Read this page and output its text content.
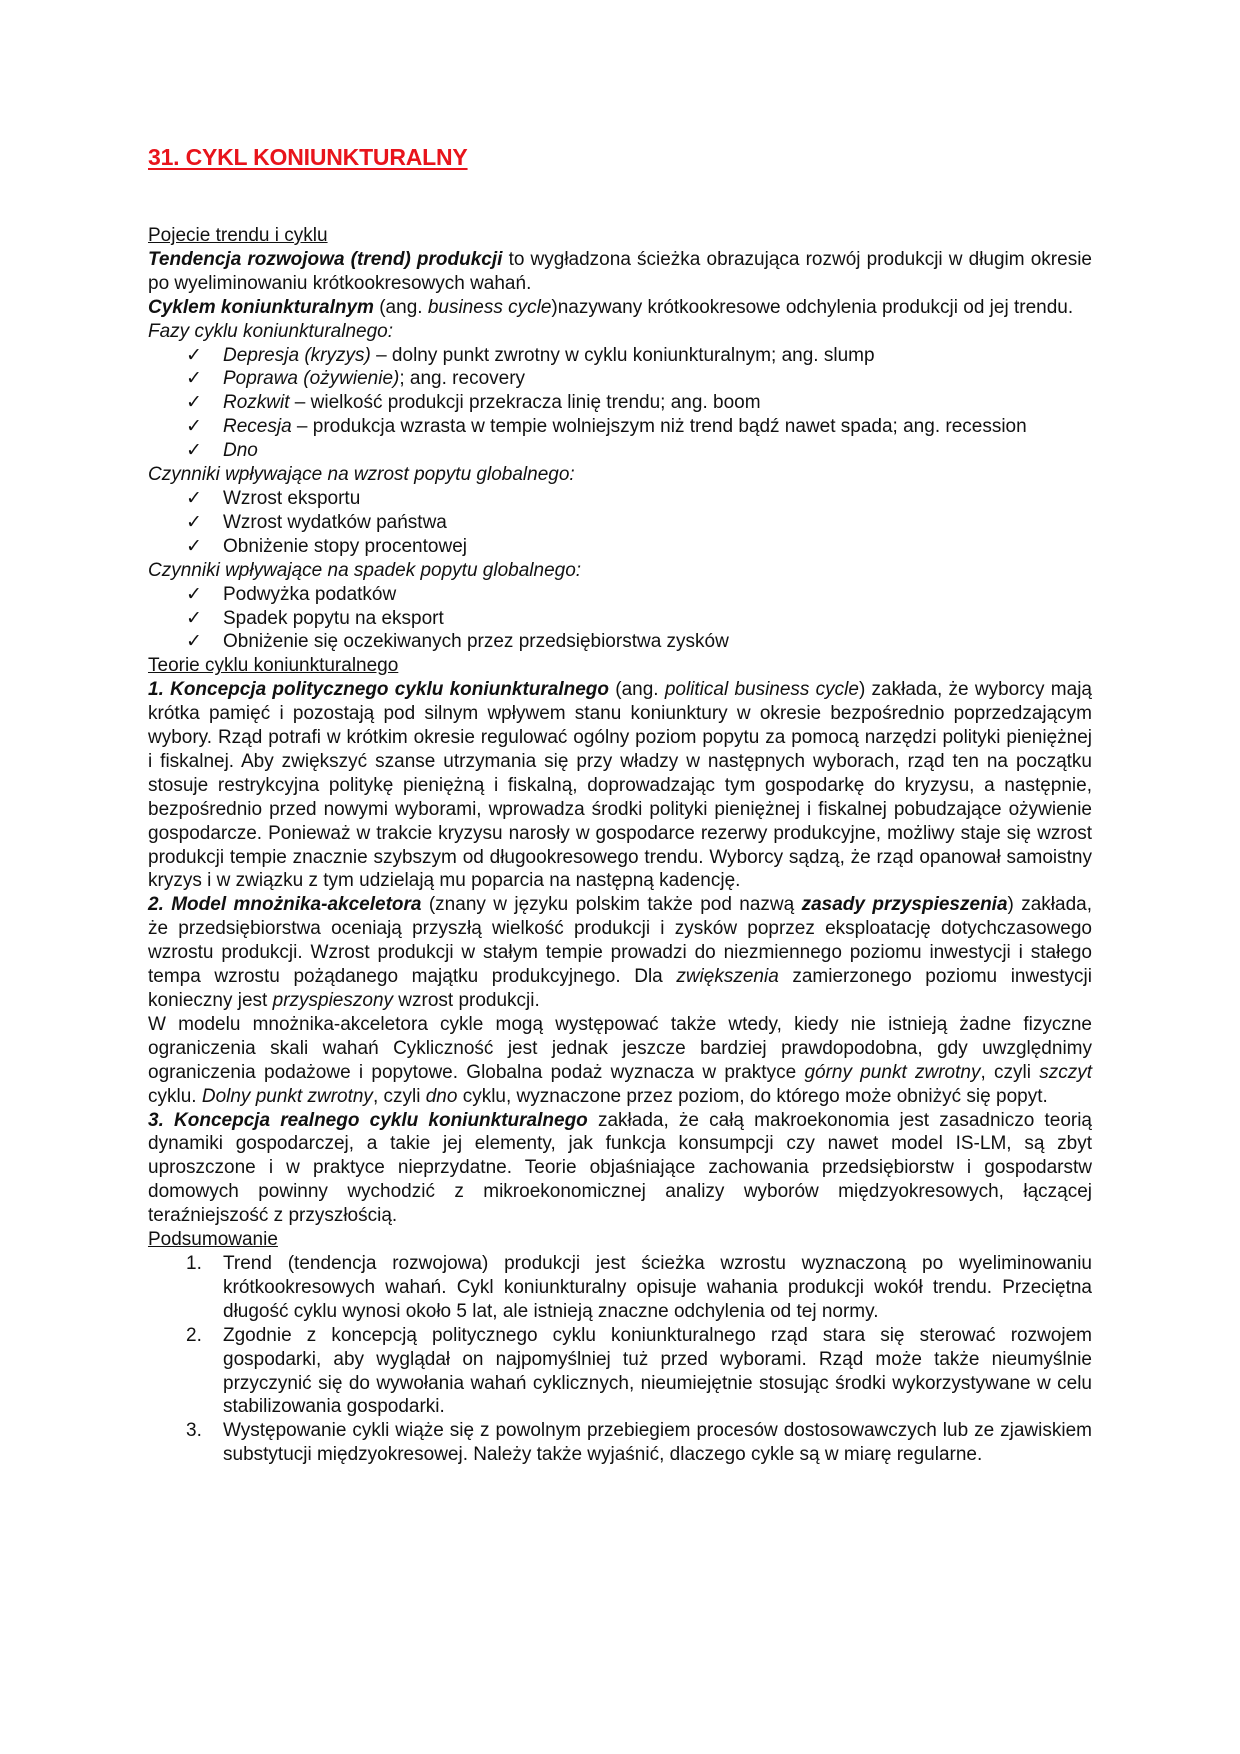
31. CYKL KONIUNKTURALNY
Pojecie trendu i cyklu

Tendencja rozwojowa (trend) produkcji to wygładzona ścieżka obrazująca rozwój produkcji w długim okresie po wyeliminowaniu krótkookresowych wahań.

Cyklem koniunkturalnym (ang. business cycle)nazywany krótkookresowe odchylenia produkcji od jej trendu.

Fazy cyklu koniunkturalnego:
✓ Depresja (kryzys) – dolny punkt zwrotny w cyklu koniunkturalnym; ang. slump
✓ Poprawa (ożywienie); ang. recovery
✓ Rozkwit – wielkość produkcji przekracza linię trendu; ang. boom
✓ Recesja – produkcja wzrasta w tempie wolniejszym niż trend bądź nawet spada; ang. recession
✓ Dno
Czynniki wpływające na wzrost popytu globalnego:
✓ Wzrost eksportu
✓ Wzrost wydatków państwa
✓ Obniżenie stopy procentowej
Czynniki wpływające na spadek popytu globalnego:
✓ Podwyżka podatków
✓ Spadek popytu na eksport
✓ Obniżenie się oczekiwanych przez przedsiębiorstwa zysków
Teorie cyklu koniunkturalnego

1. Koncepcja politycznego cyklu koniunkturalnego (ang. political business cycle) zakłada, że wyborcy mają krótka pamięć i pozostają pod silnym wpływem stanu koniunktury w okresie bezpośrednio poprzedzającym wybory. Rząd potrafi w krótkim okresie regulować ogólny poziom popytu za pomocą narzędzi polityki pieniężnej i fiskalnej. Aby zwiększyć szanse utrzymania się przy władzy w następnych wyborach, rząd ten na początku stosuje restrykcyjna politykę pieniężną i fiskalną, doprowadzając tym gospodarkę do kryzysu, a następnie, bezpośrednio przed nowymi wyborami, wprowadza środki polityki pieniężnej i fiskalnej pobudzające ożywienie gospodarcze. Ponieważ w trakcie kryzysu narosły w gospodarce rezerwy produkcyjne, możliwy staje się wzrost produkcji tempie znacznie szybszym od długookresowego trendu. Wyborcy sądzą, że rząd opanował samoistny kryzys i w związku z tym udzielają mu poparcia na następną kadencję.

2. Model mnożnika-akceletora (znany w języku polskim także pod nazwą zasady przyspieszenia) zakłada, że przedsiębiorstwa oceniają przyszłą wielkość produkcji i zysków poprzez eksploatację dotychczasowego wzrostu produkcji. Wzrost produkcji w stałym tempie prowadzi do niezmiennego poziomu inwestycji i stałego tempa wzrostu pożądanego majątku produkcyjnego. Dla zwiększenia zamierzonego poziomu inwestycji konieczny jest przyspieszony wzrost produkcji.

W modelu mnożnika-akceletora cykle mogą występować także wtedy, kiedy nie istnieją żadne fizyczne ograniczenia skali wahań Cykliczność jest jednak jeszcze bardziej prawdopodobna, gdy uwzględnimy ograniczenia podażowe i popytowe. Globalna podaż wyznacza w praktyce górny punkt zwrotny, czyli szczyt cyklu. Dolny punkt zwrotny, czyli dno cyklu, wyznaczone przez poziom, do którego może obniżyć się popyt.

3. Koncepcja realnego cyklu koniunkturalnego zakłada, że całą makroekonomia jest zasadniczo teorią dynamiki gospodarczej, a takie jej elementy, jak funkcja konsumpcji czy nawet model IS-LM, są zbyt uproszczone i w praktyce nieprzydatne. Teorie objaśniające zachowania przedsiębiorstw i gospodarstw domowych powinny wychodzić z mikroekonomicznej analizy wyborów międzyokresowych, łączącej teraźniejszość z przyszłością.

Podsumowanie
1. Trend (tendencja rozwojowa) produkcji jest ścieżka wzrostu wyznaczoną po wyeliminowaniu krótkookresowych wahań. Cykl koniunkturalny opisuje wahania produkcji wokół trendu. Przeciętna długość cyklu wynosi około 5 lat, ale istnieją znaczne odchylenia od tej normy.
2. Zgodnie z koncepcją politycznego cyklu koniunkturalnego rząd stara się sterować rozwojem gospodarki, aby wyglądał on najpomyślniej tuż przed wyborami. Rząd może także nieumyślnie przyczynić się do wywołania wahań cyklicznych, nieumiejętnie stosując środki wykorzystywane w celu stabilizowania gospodarki.
3. Występowanie cykli wiąże się z powolnym przebiegiem procesów dostosowawczych lub ze zjawiskiem substytucji międzyokresowej. Należy także wyjaśnić, dlaczego cykle są w miarę regularne.
